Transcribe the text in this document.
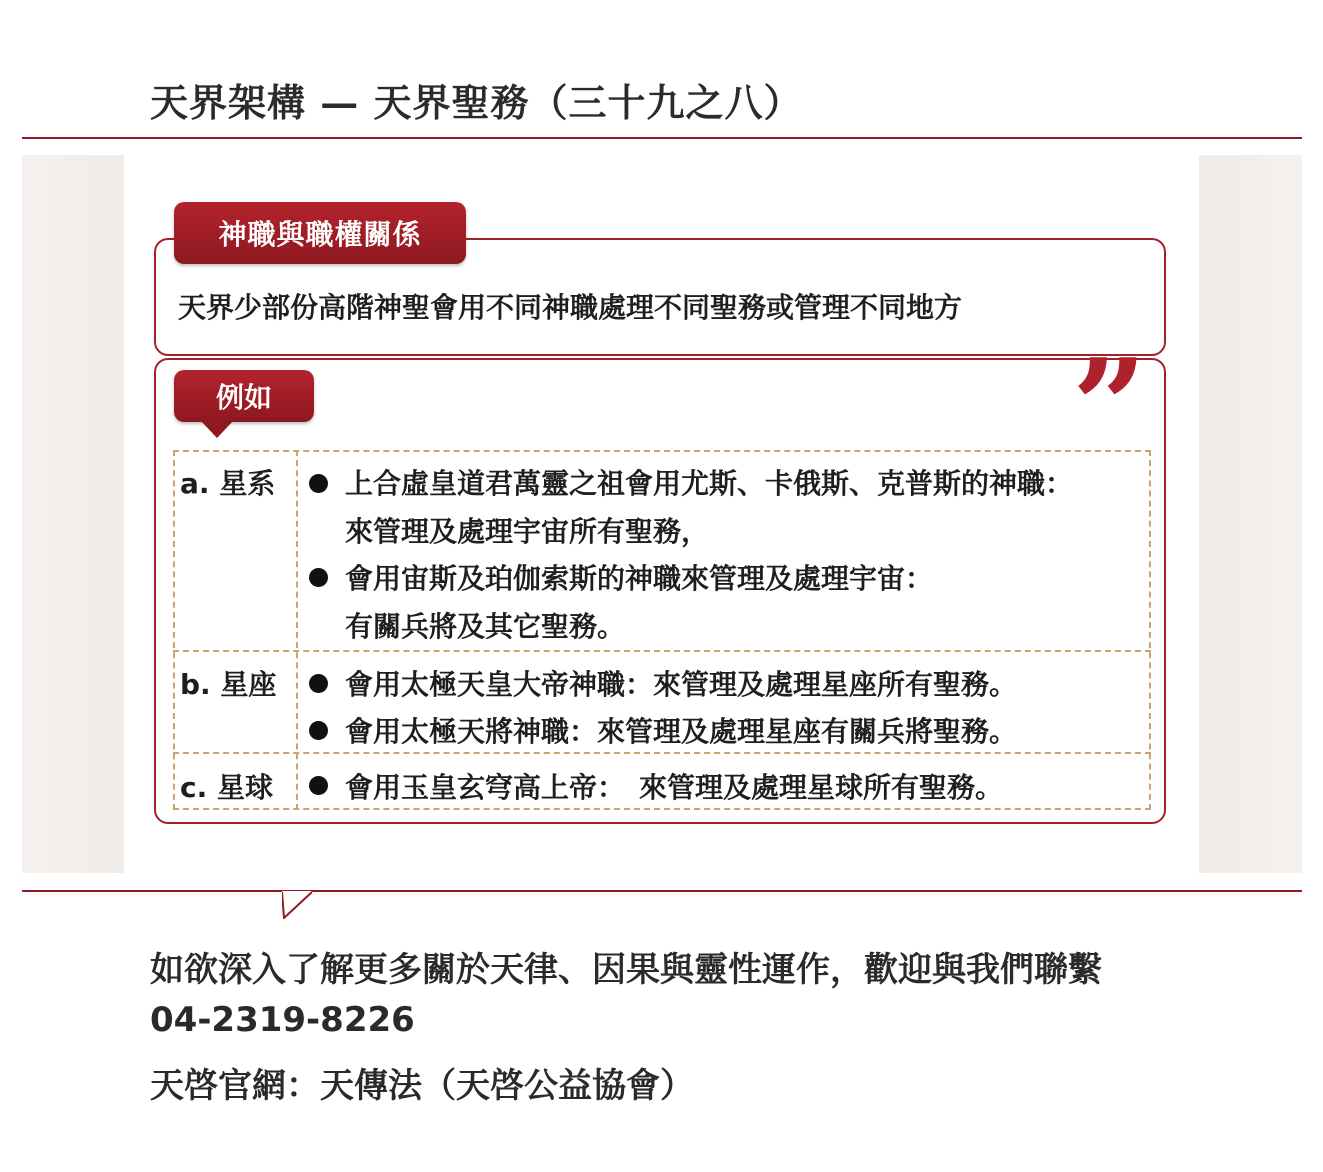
天界架構 — 天界聖務（三十九之八）
神職與職權關係
天界少部份高階神聖會用不同神職處理不同聖務或管理不同地方
例如	”
a. 星系 上合虛皇道君萬靈之祖會用尤斯、卡俄斯、克普斯的神職：
來管理及處理宇宙所有聖務，
會用宙斯及珀伽索斯的神職來管理及處理宇宙：
有關兵將及其它聖務。
b. 星座 會用太極天皇大帝神職：來管理及處理星座所有聖務。
會用太極天將神職：來管理及處理星座有關兵將聖務。
c. 星球	會用玉皇玄穹高上帝：　來管理及處理星球所有聖務。
如欲深入了解更多關於天律、因果與靈性運作，歡迎與我們聯繫
04-2319-8226
天啓官網：天傳法（天啓公益協會）
